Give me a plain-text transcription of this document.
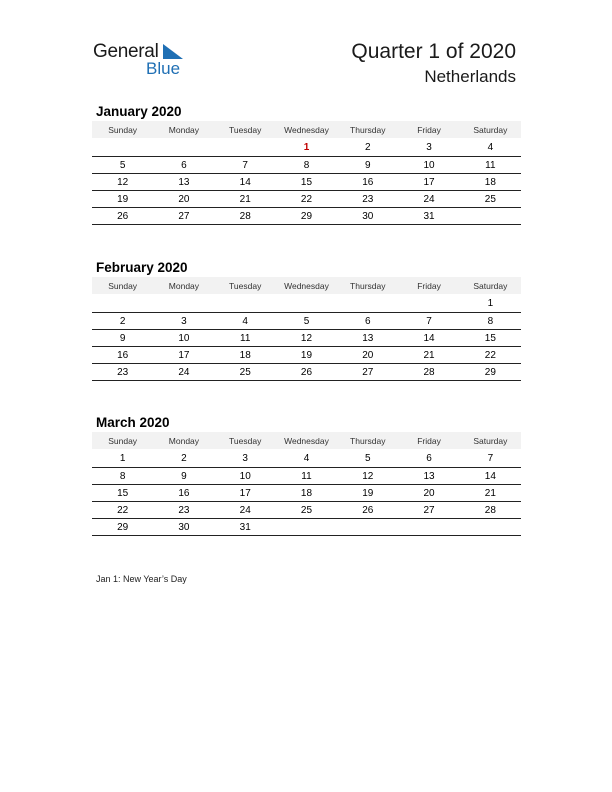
General
Blue
Quarter 1 of 2020
Netherlands
January 2020
Sunday	Monday	Tuesday	Wednesday	Thursday	Friday	Saturday
			1	2	3	4
5	6	7	8	9	10	11
12	13	14	15	16	17	18
19	20	21	22	23	24	25
26	27	28	29	30	31	
February 2020
Sunday	Monday	Tuesday	Wednesday	Thursday	Friday	Saturday
						1
2	3	4	5	6	7	8
9	10	11	12	13	14	15
16	17	18	19	20	21	22
23	24	25	26	27	28	29
March 2020
Sunday	Monday	Tuesday	Wednesday	Thursday	Friday	Saturday
1	2	3	4	5	6	7
8	9	10	11	12	13	14
15	16	17	18	19	20	21
22	23	24	25	26	27	28
29	30	31				
Jan 1: New Year’s Day
